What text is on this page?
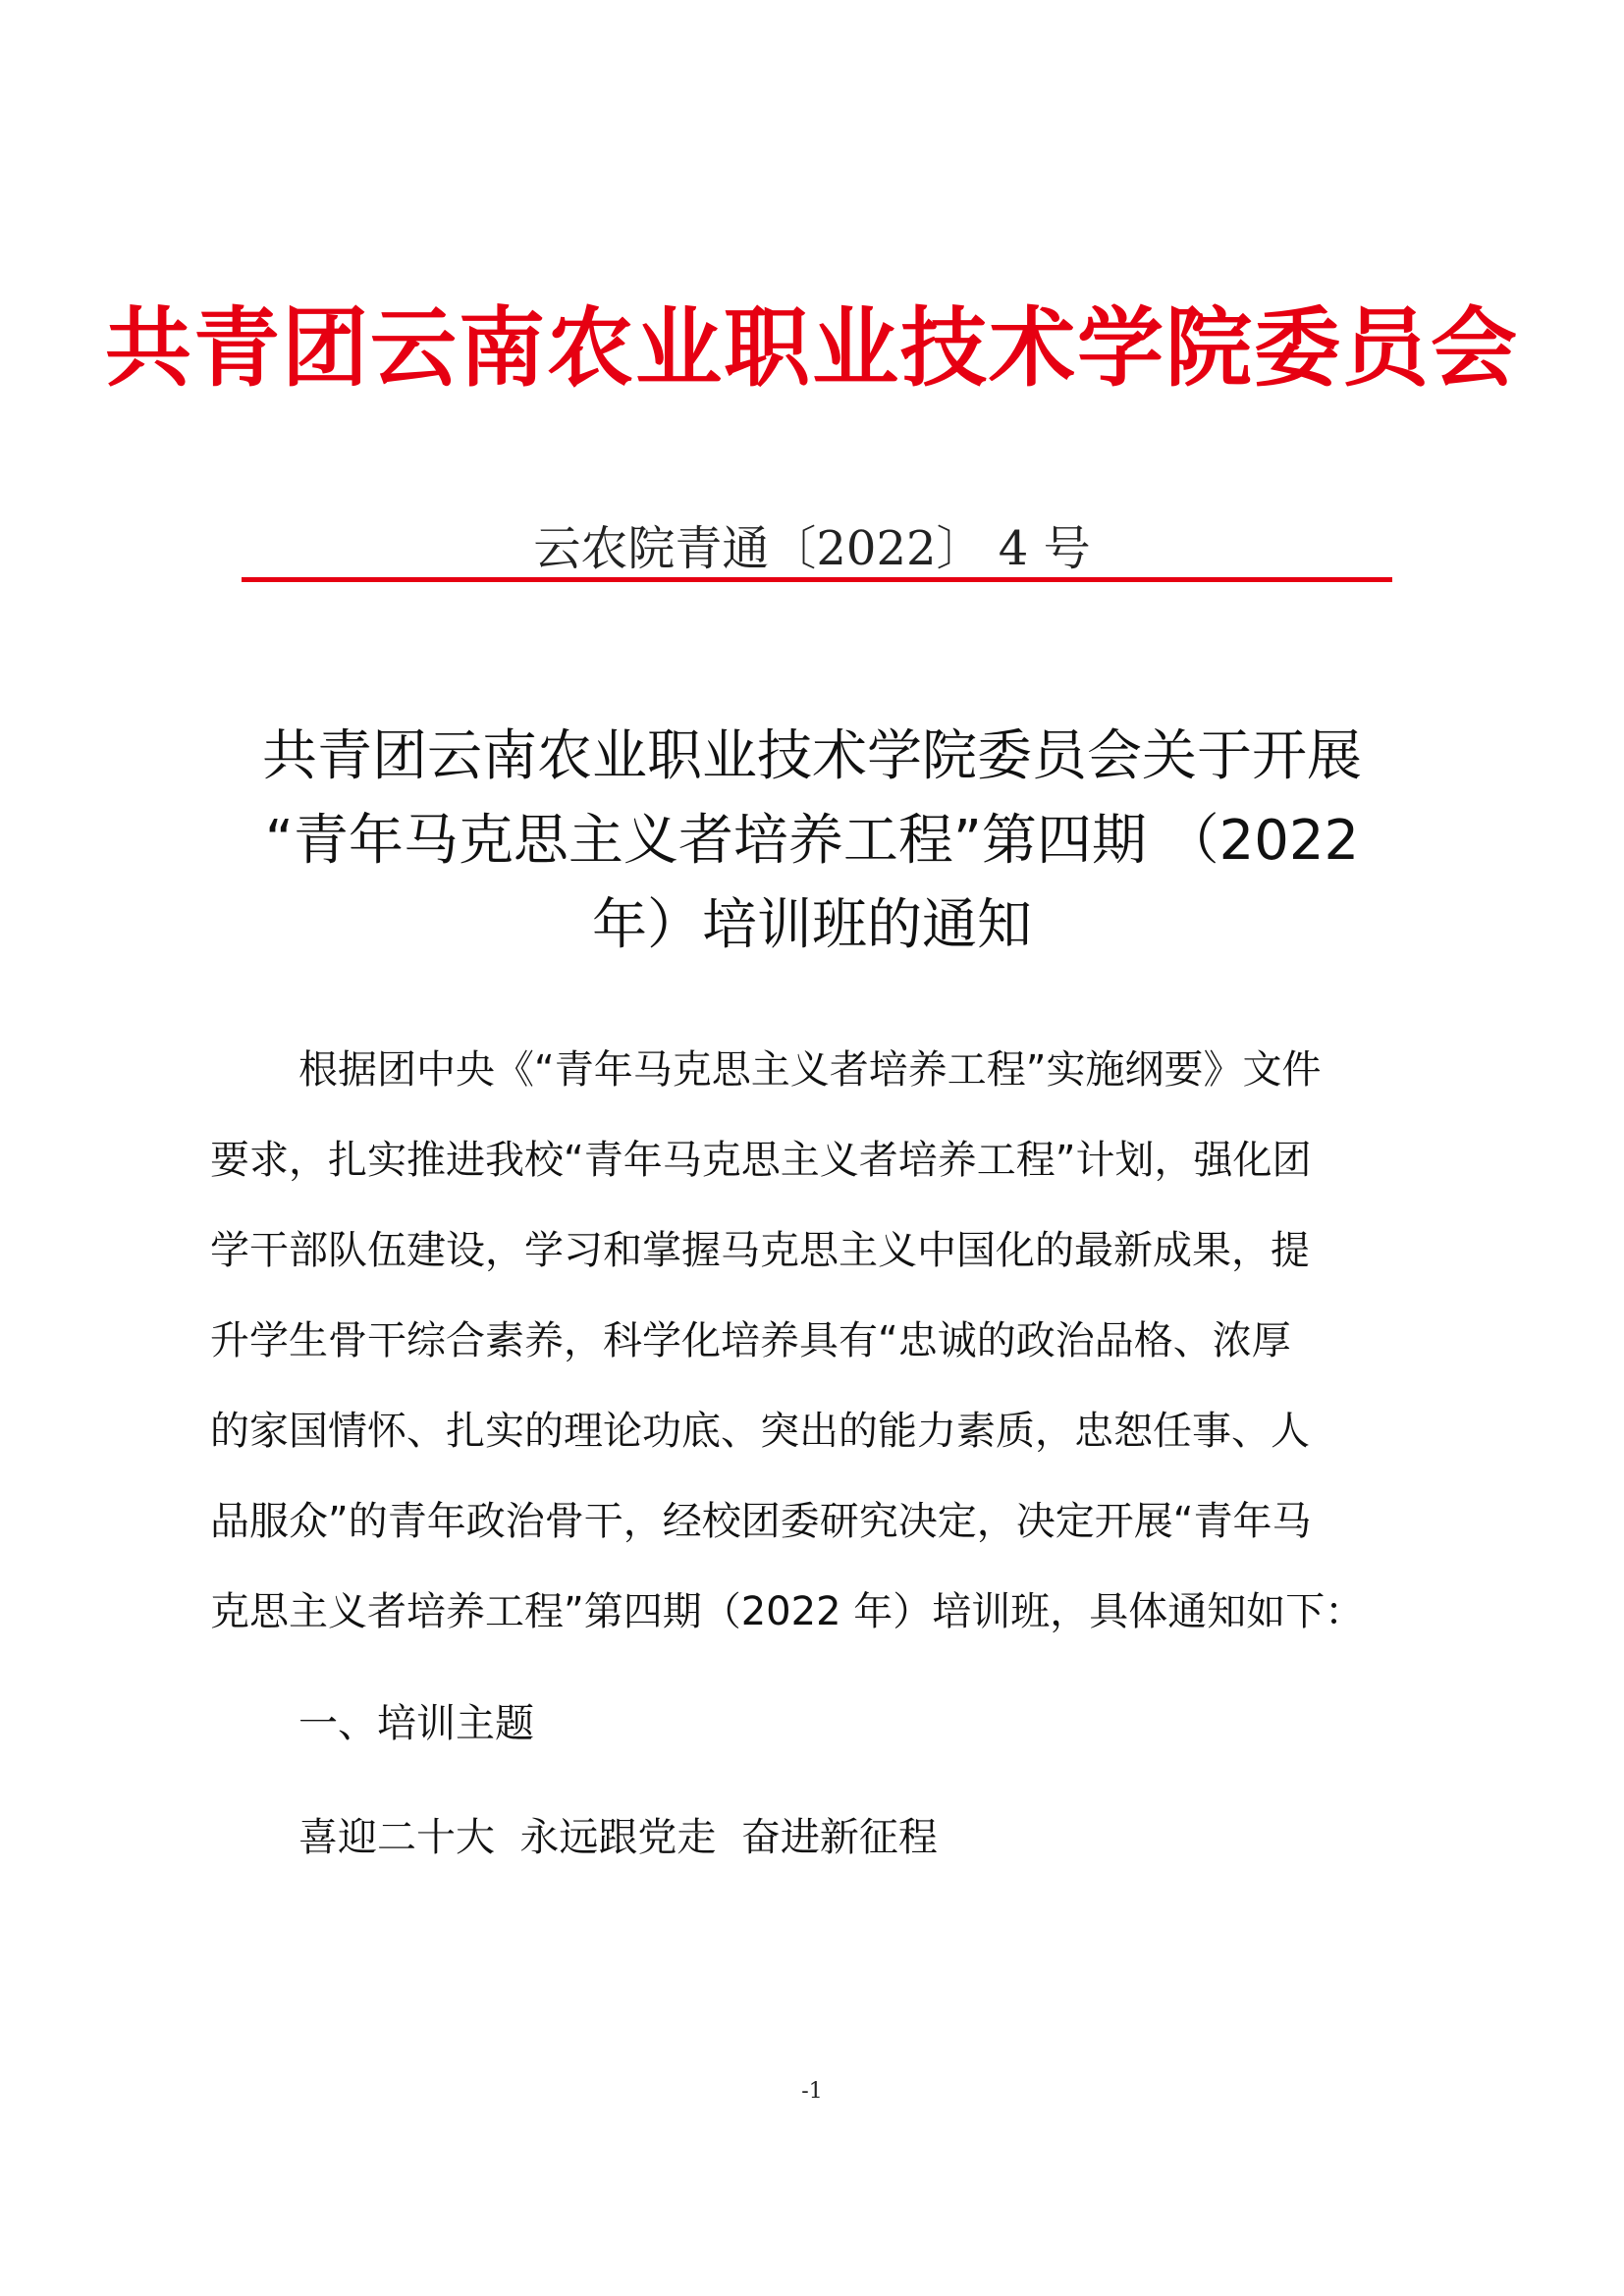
共青团云南农业职业技术学院委员会
云农院青通〔2022〕 4 号
共青团云南农业职业技术学院委员会关于开展
“青年马克思主义者培养工程”第四期 （2022
年）培训班的通知
根据团中央《“青年马克思主义者培养工程”实施纲要》文件
要求，扎实推进我校“青年马克思主义者培养工程”计划，强化团
学干部队伍建设，学习和掌握马克思主义中国化的最新成果，提
升学生骨干综合素养，科学化培养具有“忠诚的政治品格、浓厚
的家国情怀、扎实的理论功底、突出的能力素质，忠恕任事、人
品服众”的青年政治骨干，经校团委研究决定，决定开展“青年马
克思主义者培养工程”第四期（2022 年）培训班，具体通知如下：
一、培训主题
喜迎二十大  永远跟党走  奋进新征程
-1
